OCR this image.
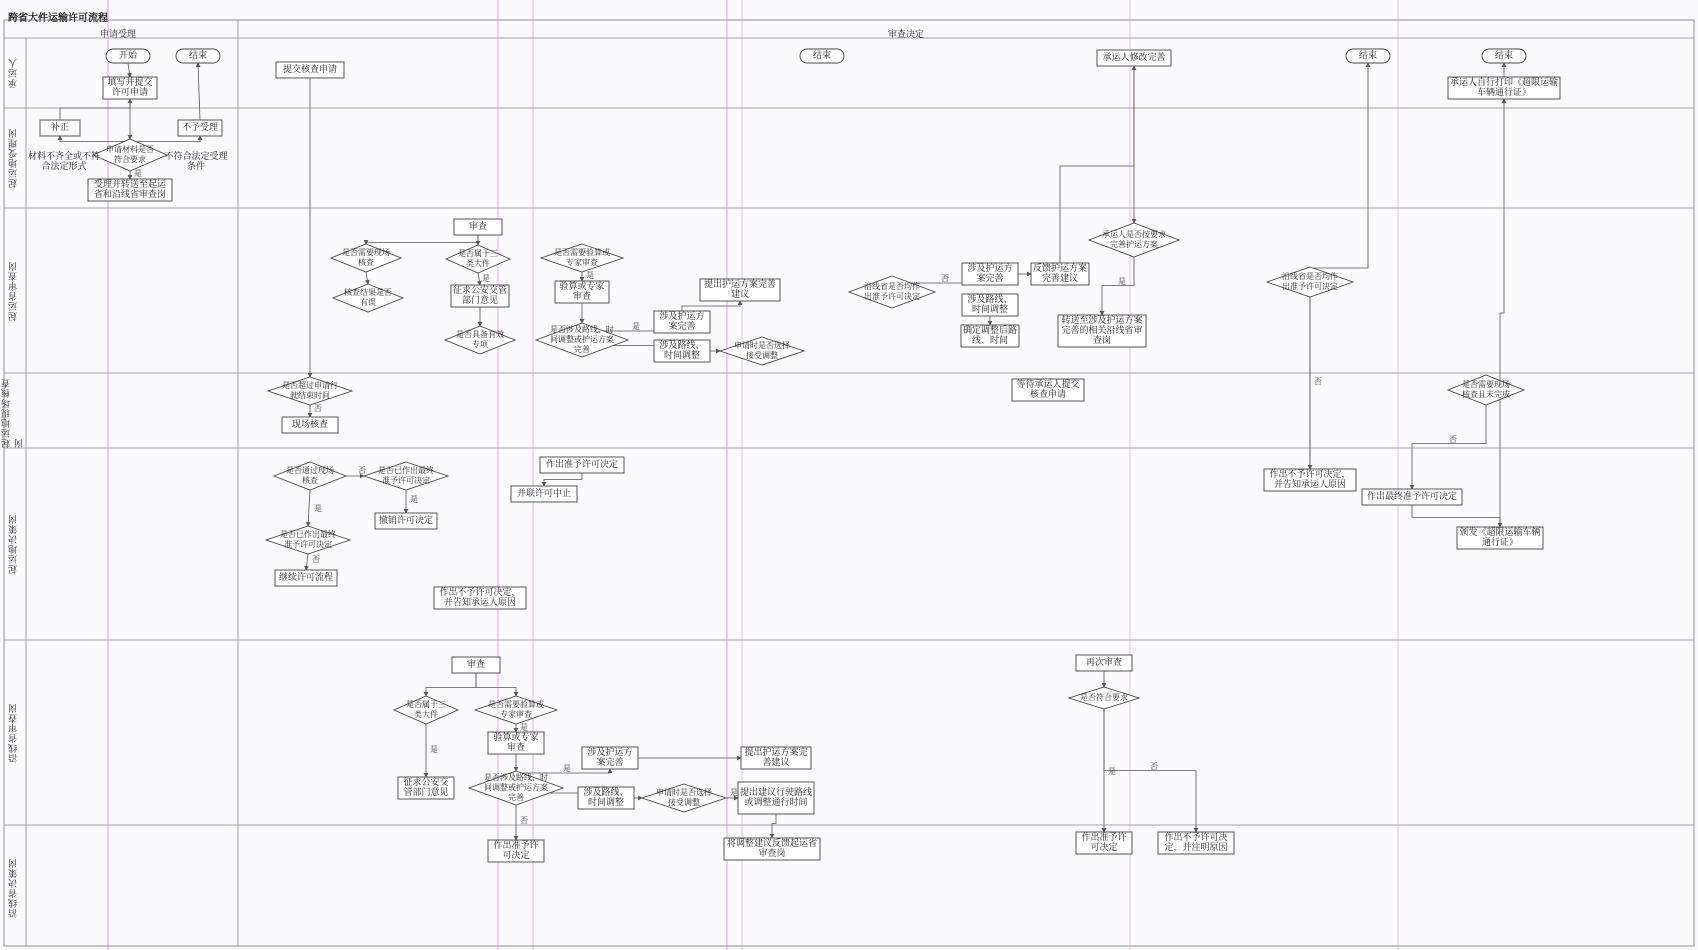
跨省大件运输许可流程
申请受理	审查决定
承运人
起运地受理岗
起运省审查岗
起运地现场核查岗
起运地决策岗
沿线省审查岗
沿线省决策岗
开始	结束
填写并提交许可申请
补正	不予受理
申请材料是否符合要求
材料不齐全或不符合法定形式
不符合法定受理条件
受理并转送至起运省和沿线省审查岗
提交核查申请
结束	承运人修改完善	结束	结束
承运人自行打印《超限运输车辆通行证》
审查
是否需要现场核查
核查结果是否有误
是否属于三类大件
征求公安交管部门意见
是否具备有效专项
是否需要验算或专家审查
验算或专家审查
是否涉及路线、时间调整或护运方案完善
涉及护运方案完善
涉及路线、时间调整
提出护运方案完善建议
申请时是否选择接受调整
沿线省是否均作出准予许可决定
涉及护运方案完善
涉及路线、时间调整
反馈护运方案完善建议
确定调整后路线、时间
转送至涉及护运方案完善的相关沿线省审查岗
承运人是否按要求完善护运方案
沿线省是否均作出准予许可决定
是否超过申请行驶结束时间
现场核查
等待承运人提交核查申请
是否需要现场核查且未完成
是否通过现场核查
是否已作出最终准予许可决定
撤销许可决定
是否已作出最终准予许可决定
继续许可流程
作出准予许可决定
并联许可中止
作出不予许可决定，并告知承运人原因
作出不予许可决定，并告知承运人原因
作出最终准予许可决定
颁发《超限运输车辆通行证》
审查
是否属于三类大件
是否需要验算或专家审查
验算或专家审查
征求公安交管部门意见
是否涉及路线、时间调整或护运方案完善
涉及护运方案完善
涉及路线、时间调整
申请时是否选择接受调整
提出护运方案完善建议
提出建议行驶路线或调整通行时间
将调整建议反馈起运省审查岗
作出准予许可决定
再次审查
是否符合要求
作出准予许可决定
作出不予许可决定，并注明原因
是
是	是
是
否	是
否
否
是
是
否
否
是
是
是
是
否
是
否
否
